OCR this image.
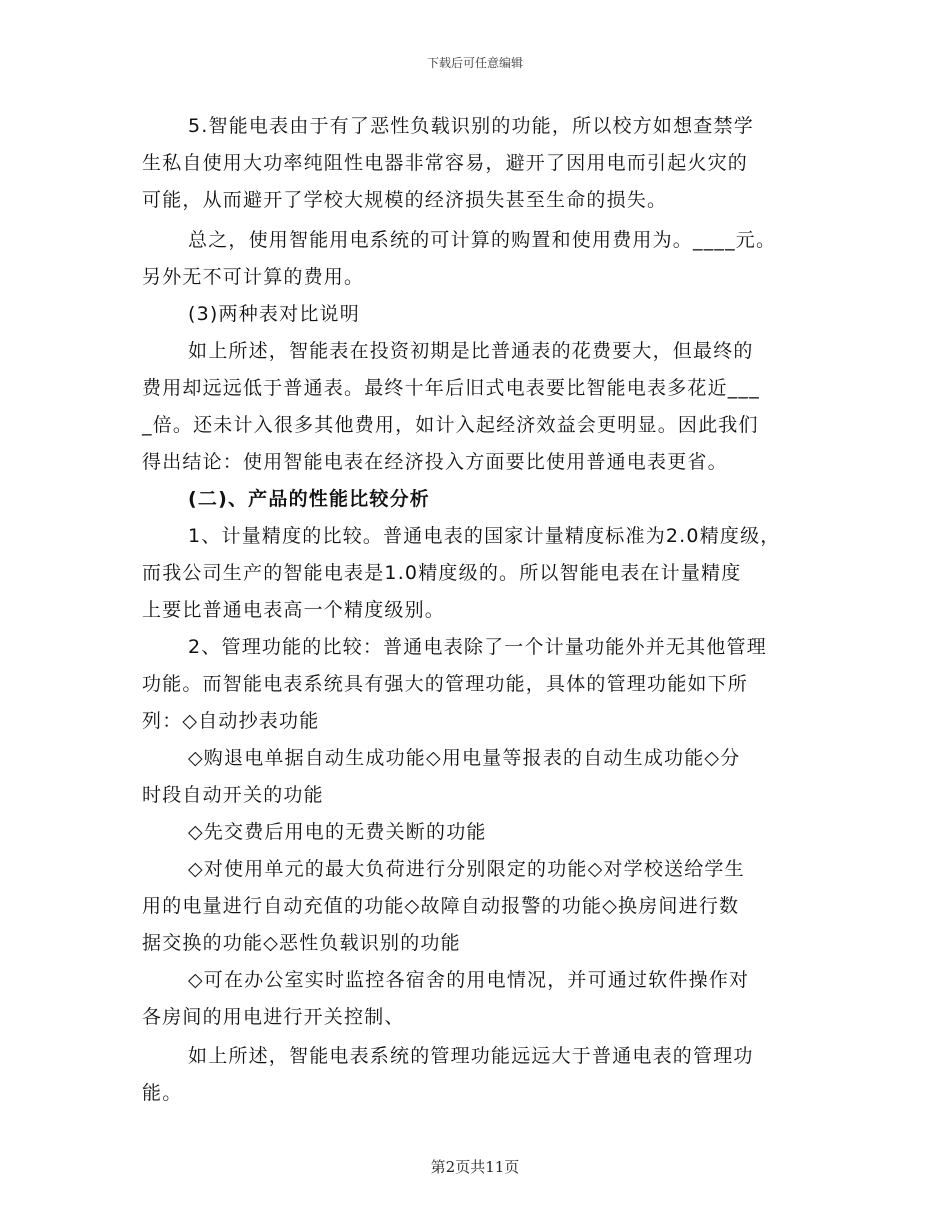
下载后可任意编辑
5.智能电表由于有了恶性负载识别的功能，所以校方如想查禁学
生私自使用大功率纯阻性电器非常容易，避开了因用电而引起火灾的
可能，从而避开了学校大规模的经济损失甚至生命的损失。
总之，使用智能用电系统的可计算的购置和使用费用为。____元。
另外无不可计算的费用。
(3)两种表对比说明
如上所述，智能表在投资初期是比普通表的花费要大，但最终的
费用却远远低于普通表。最终十年后旧式电表要比智能电表多花近___
_倍。还未计入很多其他费用，如计入起经济效益会更明显。因此我们
得出结论：使用智能电表在经济投入方面要比使用普通电表更省。
(二)、产品的性能比较分析
1、计量精度的比较。普通电表的国家计量精度标准为2.0精度级，
而我公司生产的智能电表是1.0精度级的。所以智能电表在计量精度
上要比普通电表高一个精度级别。
2、管理功能的比较：普通电表除了一个计量功能外并无其他管理
功能。而智能电表系统具有强大的管理功能，具体的管理功能如下所
列：◇自动抄表功能
◇购退电单据自动生成功能◇用电量等报表的自动生成功能◇分
时段自动开关的功能
◇先交费后用电的无费关断的功能
◇对使用单元的最大负荷进行分别限定的功能◇对学校送给学生
用的电量进行自动充值的功能◇故障自动报警的功能◇换房间进行数
据交换的功能◇恶性负载识别的功能
◇可在办公室实时监控各宿舍的用电情况，并可通过软件操作对
各房间的用电进行开关控制、
如上所述，智能电表系统的管理功能远远大于普通电表的管理功
能。
第2页共11页
